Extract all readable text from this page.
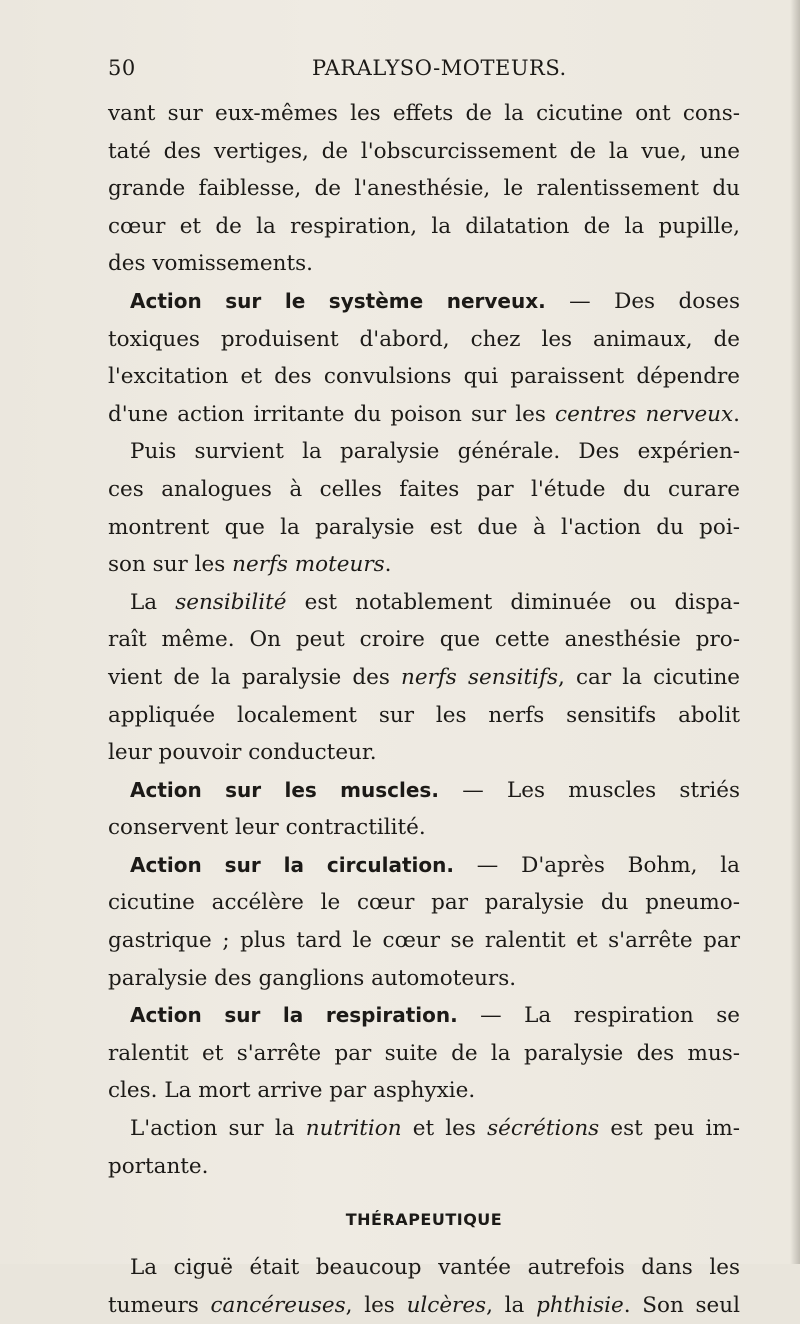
50	PARALYSO-MOTEURS.
vant sur eux-mêmes les effets de la cicutine ont cons-
taté des vertiges, de l'obscurcissement de la vue, une
grande faiblesse, de l'anesthésie, le ralentissement du
cœur et de la respiration, la dilatation de la pupille,
des vomissements.
Action sur le système nerveux. — Des doses
toxiques produisent d'abord, chez les animaux, de
l'excitation et des convulsions qui paraissent dépendre
d'une action irritante du poison sur les centres nerveux.
Puis survient la paralysie générale. Des expérien-
ces analogues à celles faites par l'étude du curare
montrent que la paralysie est due à l'action du poi-
son sur les nerfs moteurs.
La sensibilité est notablement diminuée ou dispa-
raît même. On peut croire que cette anesthésie pro-
vient de la paralysie des nerfs sensitifs, car la cicutine
appliquée localement sur les nerfs sensitifs abolit
leur pouvoir conducteur.
Action sur les muscles. — Les muscles striés
conservent leur contractilité.
Action sur la circulation. — D'après Bohm, la
cicutine accélère le cœur par paralysie du pneumo-
gastrique ; plus tard le cœur se ralentit et s'arrête par
paralysie des ganglions automoteurs.
Action sur la respiration. — La respiration se
ralentit et s'arrête par suite de la paralysie des mus-
cles. La mort arrive par asphyxie.
L'action sur la nutrition et les sécrétions est peu im-
portante.
THÉRAPEUTIQUE
La ciguë était beaucoup vantée autrefois dans les
tumeurs cancéreuses, les ulcères, la phthisie. Son seul
